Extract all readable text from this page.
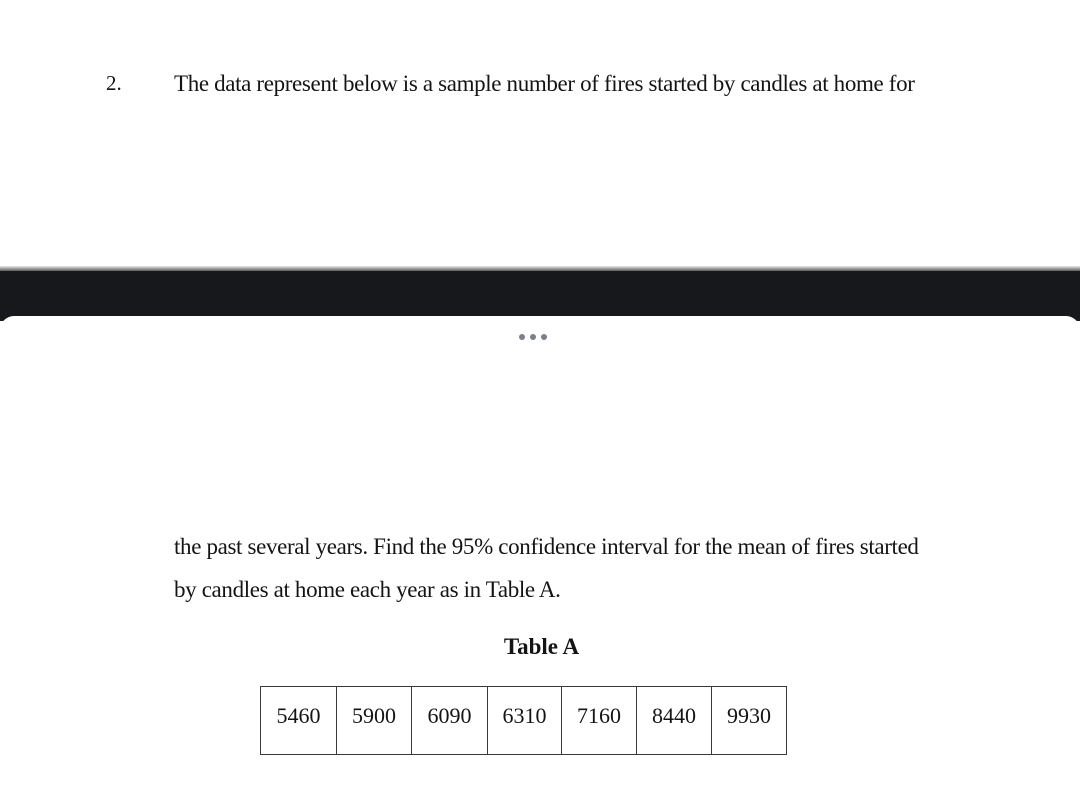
2. The data represent below is a sample number of fires started by candles at home for
the past several years. Find the 95% confidence interval for the mean of fires started
by candles at home each year as in Table A.
Table A
5460	5900	6090	6310	7160	8440	9930
